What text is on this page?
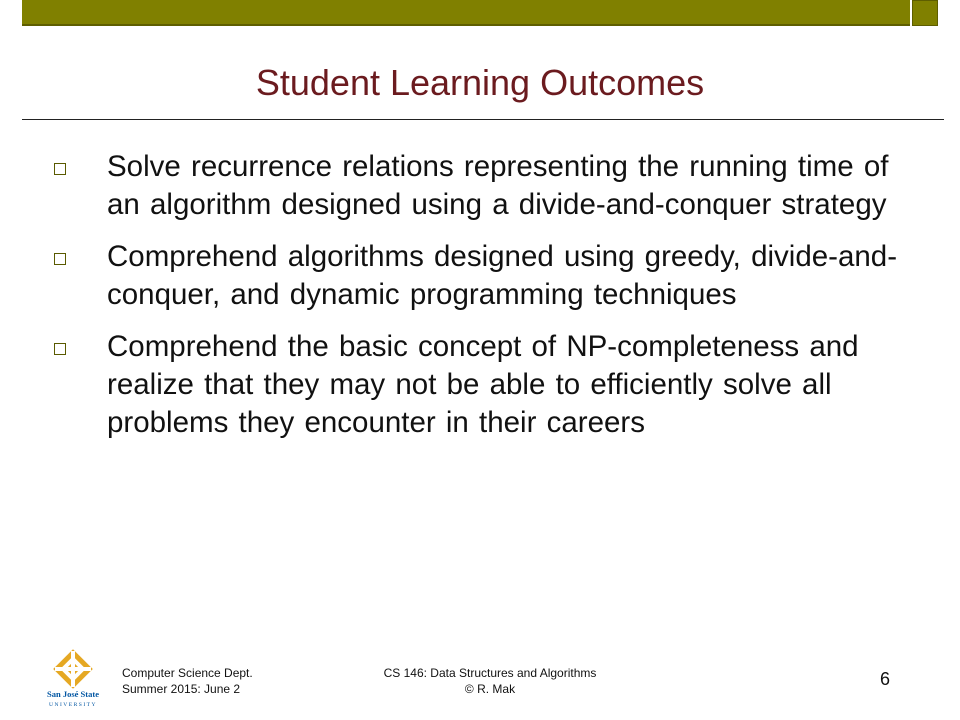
Student Learning Outcomes
Solve recurrence relations representing the running time of an algorithm designed using a divide-and-conquer strategy
Comprehend algorithms designed using greedy, divide-and-conquer, and dynamic programming techniques
Comprehend the basic concept of NP-completeness and realize that they may not be able to efficiently solve all problems they encounter in their careers
San José State
UNIVERSITY
Computer Science Dept.
Summer 2015: June 2
CS 146: Data Structures and Algorithms
© R. Mak	6
